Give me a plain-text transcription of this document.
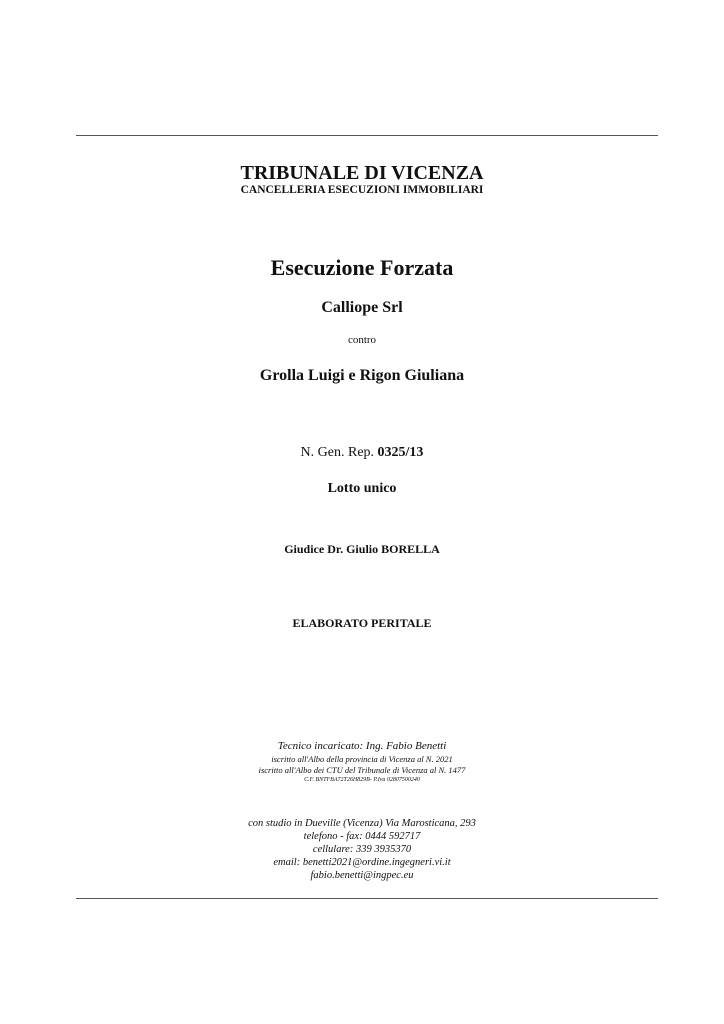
TRIBUNALE DI VICENZA

CANCELLERIA ESECUZIONI IMMOBILIARI

Esecuzione Forzata

Calliope Srl

contro

Grolla Luigi e Rigon Giuliana

N. Gen. Rep. 0325/13

Lotto unico

Giudice Dr. Giulio BORELLA

ELABORATO PERITALE

Tecnico incaricato: Ing. Fabio Benetti

iscritto all'Albo della provincia di Vicenza al N. 2021

iscritto all'Albo dei CTU del Tribunale di Vicenza al N. 1477

C.F. BNTFBA72T26H829B- P.Iva 02807500240

con studio in Dueville (Vicenza) Via Marosticana, 293

telefono - fax: 0444 592717

cellulare: 339 3935370

email: benetti2021@ordine.ingegneri.vi.it

fabio.benetti@ingpec.eu
